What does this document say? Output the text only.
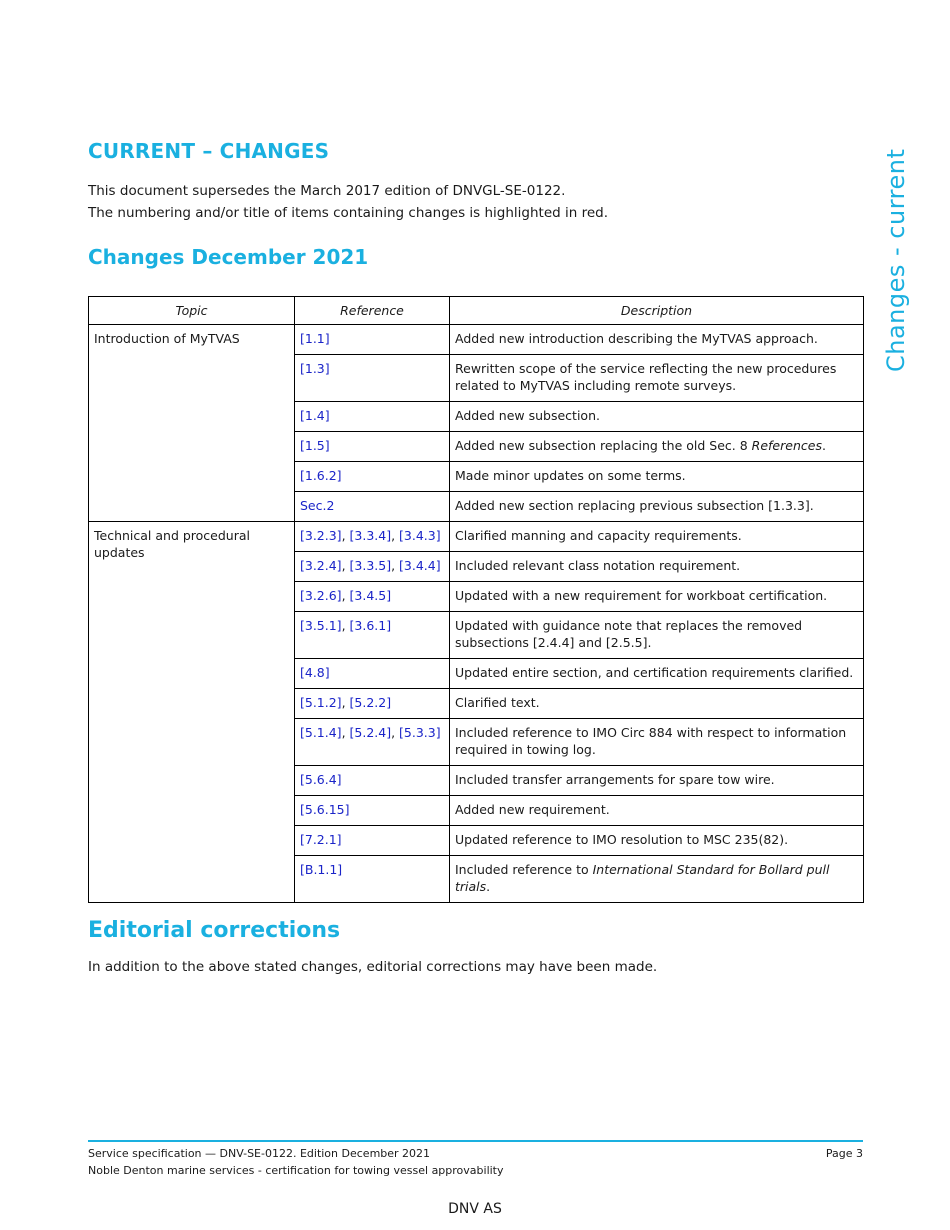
CURRENT – CHANGES

This document supersedes the March 2017 edition of DNVGL-SE-0122.

The numbering and/or title of items containing changes is highlighted in red.

Changes December 2021	Changes - current
Topic	Reference	Description
Introduction of MyTVAS	[1.1]	Added new introduction describing the MyTVAS approach.
	[1.3]	Rewritten scope of the service reflecting the new procedures related to MyTVAS including remote surveys.
	[1.4]	Added new subsection.
	[1.5]	Added new subsection replacing the old Sec. 8 References.
	[1.6.2]	Made minor updates on some terms.
	Sec.2	Added new section replacing previous subsection [1.3.3].
Technical and procedural updates	[3.2.3], [3.3.4], [3.4.3]	Clarified manning and capacity requirements.
	[3.2.4], [3.3.5], [3.4.4]	Included relevant class notation requirement.
	[3.2.6], [3.4.5]	Updated with a new requirement for workboat certification.
	[3.5.1], [3.6.1]	Updated with guidance note that replaces the removed subsections [2.4.4] and [2.5.5].
	[4.8]	Updated entire section, and certification requirements clarified.
	[5.1.2], [5.2.2]	Clarified text.
	[5.1.4], [5.2.4], [5.3.3]	Included reference to IMO Circ 884 with respect to information required in towing log.
	[5.6.4]	Included transfer arrangements for spare tow wire.
	[5.6.15]	Added new requirement.
	[7.2.1]	Updated reference to IMO resolution to MSC 235(82).
	[B.1.1]	Included reference to International Standard for Bollard pull trials.
Editorial corrections

In addition to the above stated changes, editorial corrections may have been made.

Service specification — DNV-SE-0122. Edition December 2021
Noble Denton marine services - certification for towing vessel approvability
Page 3
DNV AS
